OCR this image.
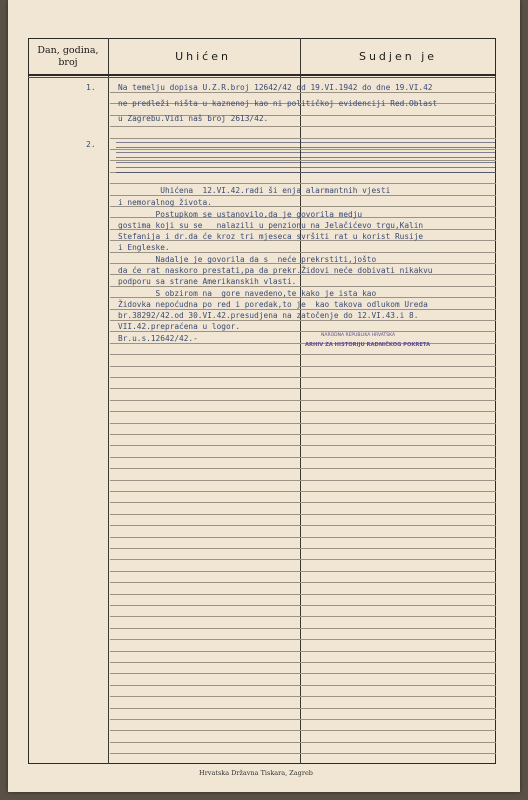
Dan, godina,
broj	Uhićen	Sudjen je
1.	Na temelju dopisa U.Z.R.broj 12642/42 od 19.VI.1942 do dne 19.VI.42
ne predleži ništa u kaznenoj kao ni političkoj evidenciji Red.Oblast
u Zagrebu.Vidi naš broj 2613/42.
2.
Uhićena  12.VI.42.radi ši enja alarmantnih vjesti
i nemoralnog života.
Postupkom se ustanovilo,da je govorila medju
gostima koji su se   nalazili u penzionu na Jelačićevo trgu,Kalin
Stefanija i dr.da će kroz tri mjeseca svršiti rat u korist Rusije
i Engleske.
Nadalje je govorila da s  neće prekrstiti,jošto
da će rat naskoro prestati,pa da prekr.Židovi neće dobivati nikakvu
podporu sa strane Amerikanskih vlasti.
S obzirom na  gore navedeno,te kako je ista kao
Židovka nepoćudna po red i poredak,to je  kao takova odlukom Ureda
br.38292/42.od 30.VI.42.presudjena na zatočenje do 12.VI.43.i 8.
VII.42.prepraćena u logor.
Br.u.s.12642/42.-	NARODNA REPUBLIKA HRVATSKA
ARHIV ZA HISTORIJU RADNIČKOG POKRETA
Hrvatska Državna Tiskara, Zagreb
